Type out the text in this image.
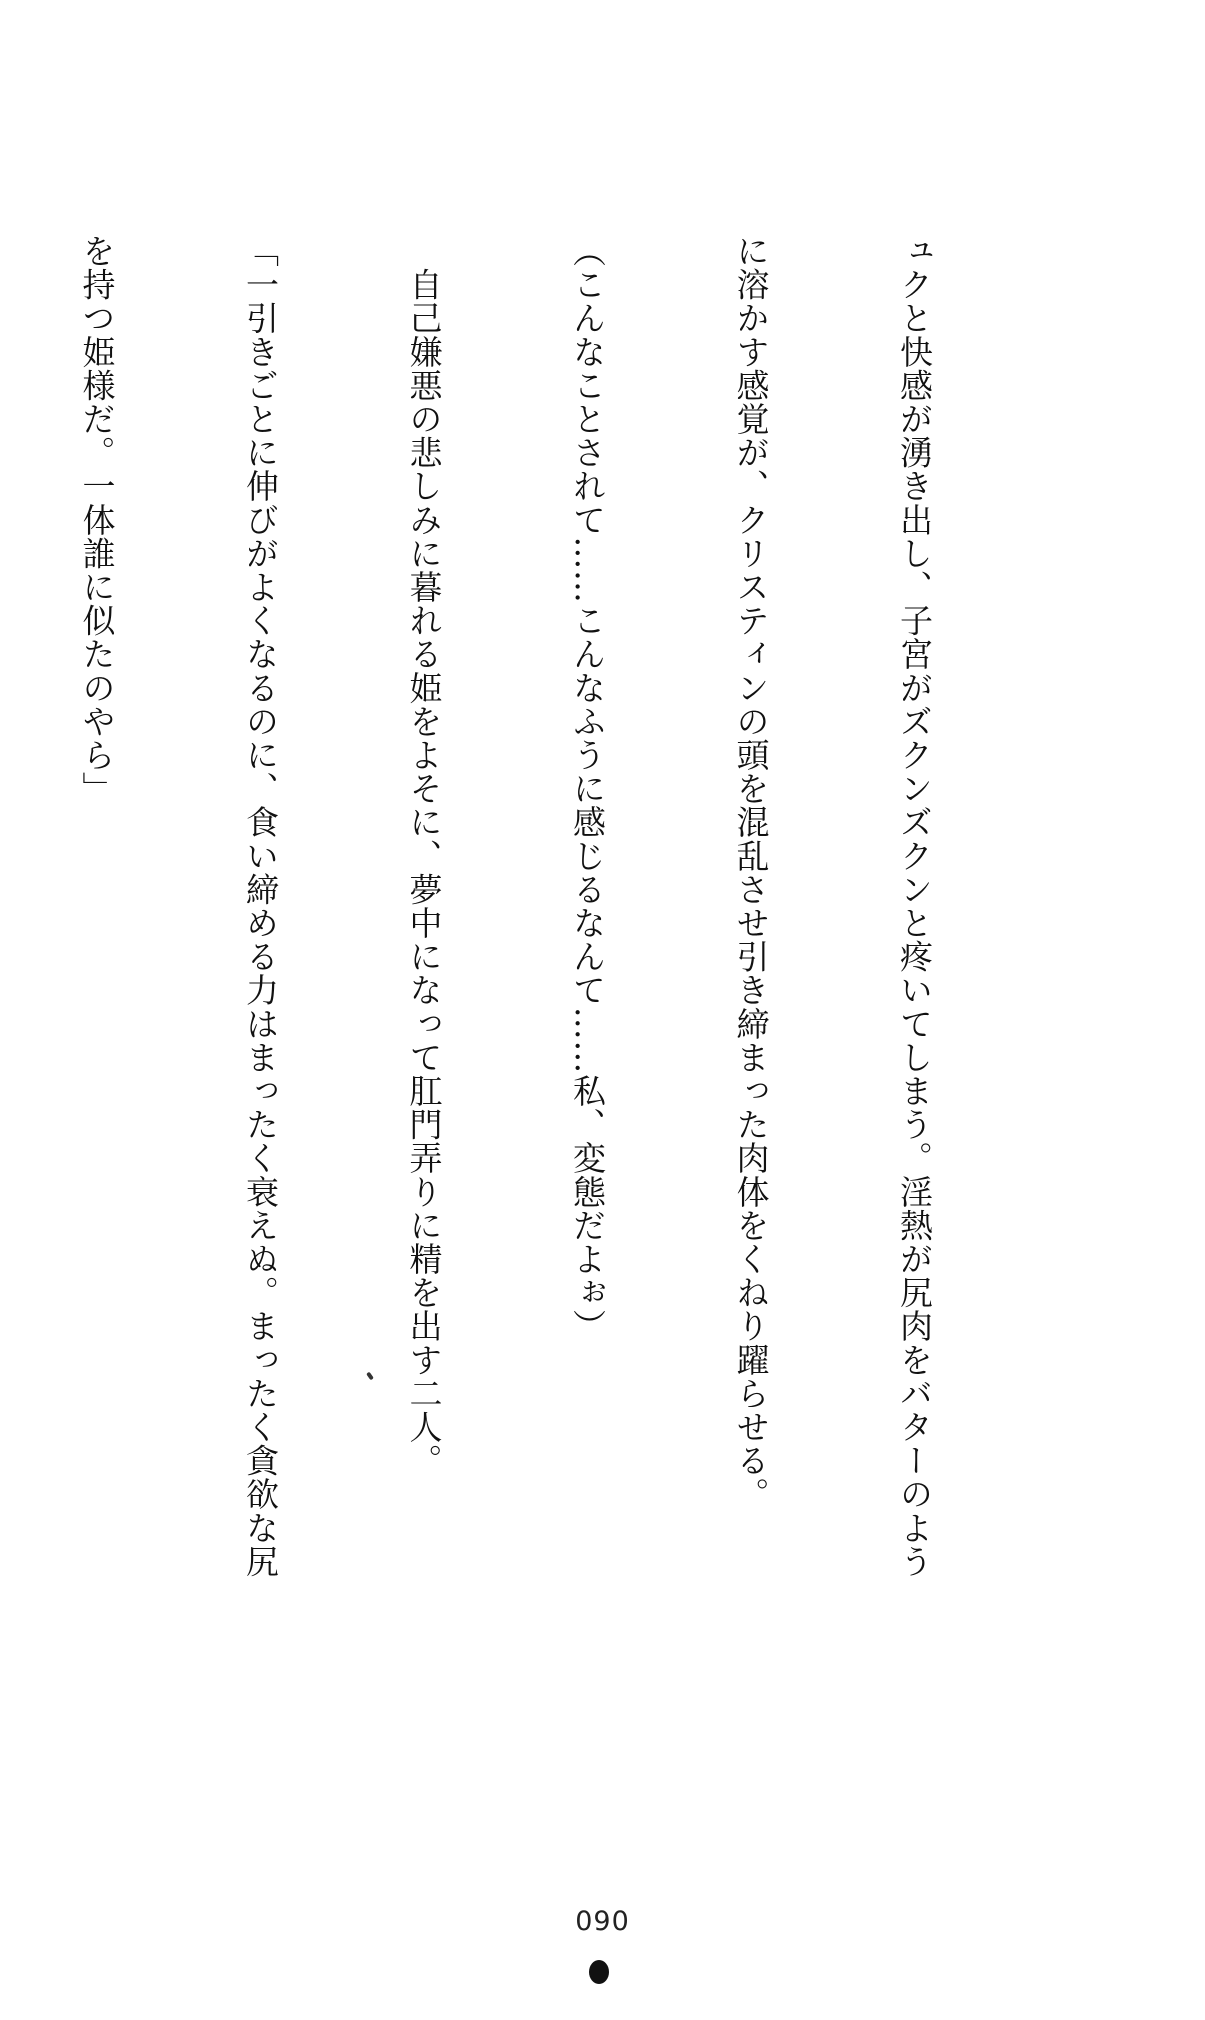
ュクと快感が湧き出し、子宮がズクンズクンと疼いてしまう。淫熱が尻肉をバターのよう

に溶かす感覚が、クリスティンの頭を混乱させ引き締まった肉体をくねり躍らせる。

（こんなことされて……こんなふうに感じるなんて……私、変態だよぉ）

　自己嫌悪の悲しみに暮れる姫をよそに、夢中になって肛門弄りに精を出す二人。

「一引きごとに伸びがよくなるのに、食い締める力はまったく衰えぬ。まったく貪欲な尻

を持つ姫様だ。一体誰に似たのやら」

090
